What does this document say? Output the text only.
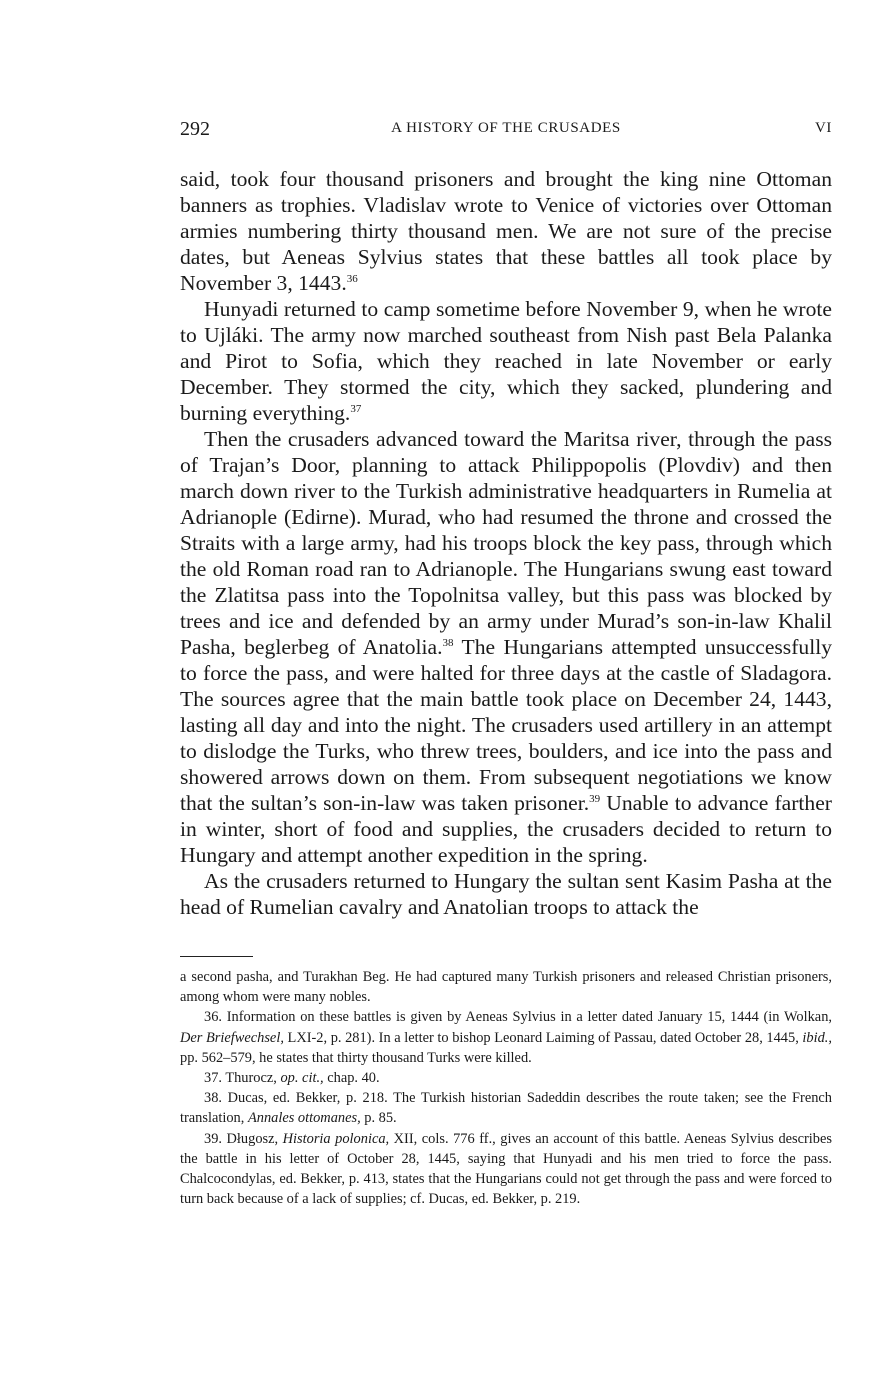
292	A HISTORY OF THE CRUSADES	VI

said, took four thousand prisoners and brought the king nine Ottoman banners as trophies. Vladislav wrote to Venice of victories over Ottoman armies numbering thirty thousand men. We are not sure of the precise dates, but Aeneas Sylvius states that these battles all took place by November 3, 1443.36

Hunyadi returned to camp sometime before November 9, when he wrote to Ujláki. The army now marched southeast from Nish past Bela Palanka and Pirot to Sofia, which they reached in late November or early December. They stormed the city, which they sacked, plundering and burning everything.$^{37}$

Then the crusaders advanced toward the Maritsa river, through the pass of Trajan’s Door, planning to attack Philippopolis (Plovdiv) and then march down river to the Turkish administrative headquarters in Rumelia at Adrianople (Edirne). Murad, who had resumed the throne and crossed the Straits with a large army, had his troops block the key pass, through which the old Roman road ran to Adrianople. The Hungarians swung east toward the Zlatitsa pass into the Topolnitsa valley, but this pass was blocked by trees and ice and defended by an army under Murad’s son-in-law Khalil Pasha, beglerbeg of Anatolia.$^{38}$ The Hungarians attempted unsuccessfully to force the pass, and were halted for three days at the castle of Sladagora. The sources agree that the main battle took place on December 24, 1443, lasting all day and into the night. The crusaders used artillery in an attempt to dislodge the Turks, who threw trees, boulders, and ice into the pass and showered arrows down on them. From subsequent negotiations we know that the sultan’s son-in-law was taken prisoner.$^{39}$ Unable to advance farther in winter, short of food and supplies, the crusaders decided to return to Hungary and attempt another expedition in the spring.

As the crusaders returned to Hungary the sultan sent Kasim Pasha at the head of Rumelian cavalry and Anatolian troops to attack the

a second pasha, and Turakhan Beg. He had captured many Turkish prisoners and released Christian prisoners, among whom were many nobles.

36. Information on these battles is given by Aeneas Sylvius in a letter dated January 15, 1444 (in Wolkan, Der Briefwechsel, LXI-2, p. 281). In a letter to bishop Leonard Laiming of Passau, dated October 28, 1445, ibid., pp. 562–579, he states that thirty thousand Turks were killed.

37. Thurocz, op. cit., chap. 40.

38. Ducas, ed. Bekker, p. 218. The Turkish historian Sadeddin describes the route taken; see the French translation, Annales ottomanes, p. 85.

39. Długosz, Historia polonica, XII, cols. 776 ff., gives an account of this battle. Aeneas Sylvius describes the battle in his letter of October 28, 1445, saying that Hunyadi and his men tried to force the pass. Chalcocondylas, ed. Bekker, p. 413, states that the Hungarians could not get through the pass and were forced to turn back because of a lack of supplies; cf. Ducas, ed. Bekker, p. 219.
